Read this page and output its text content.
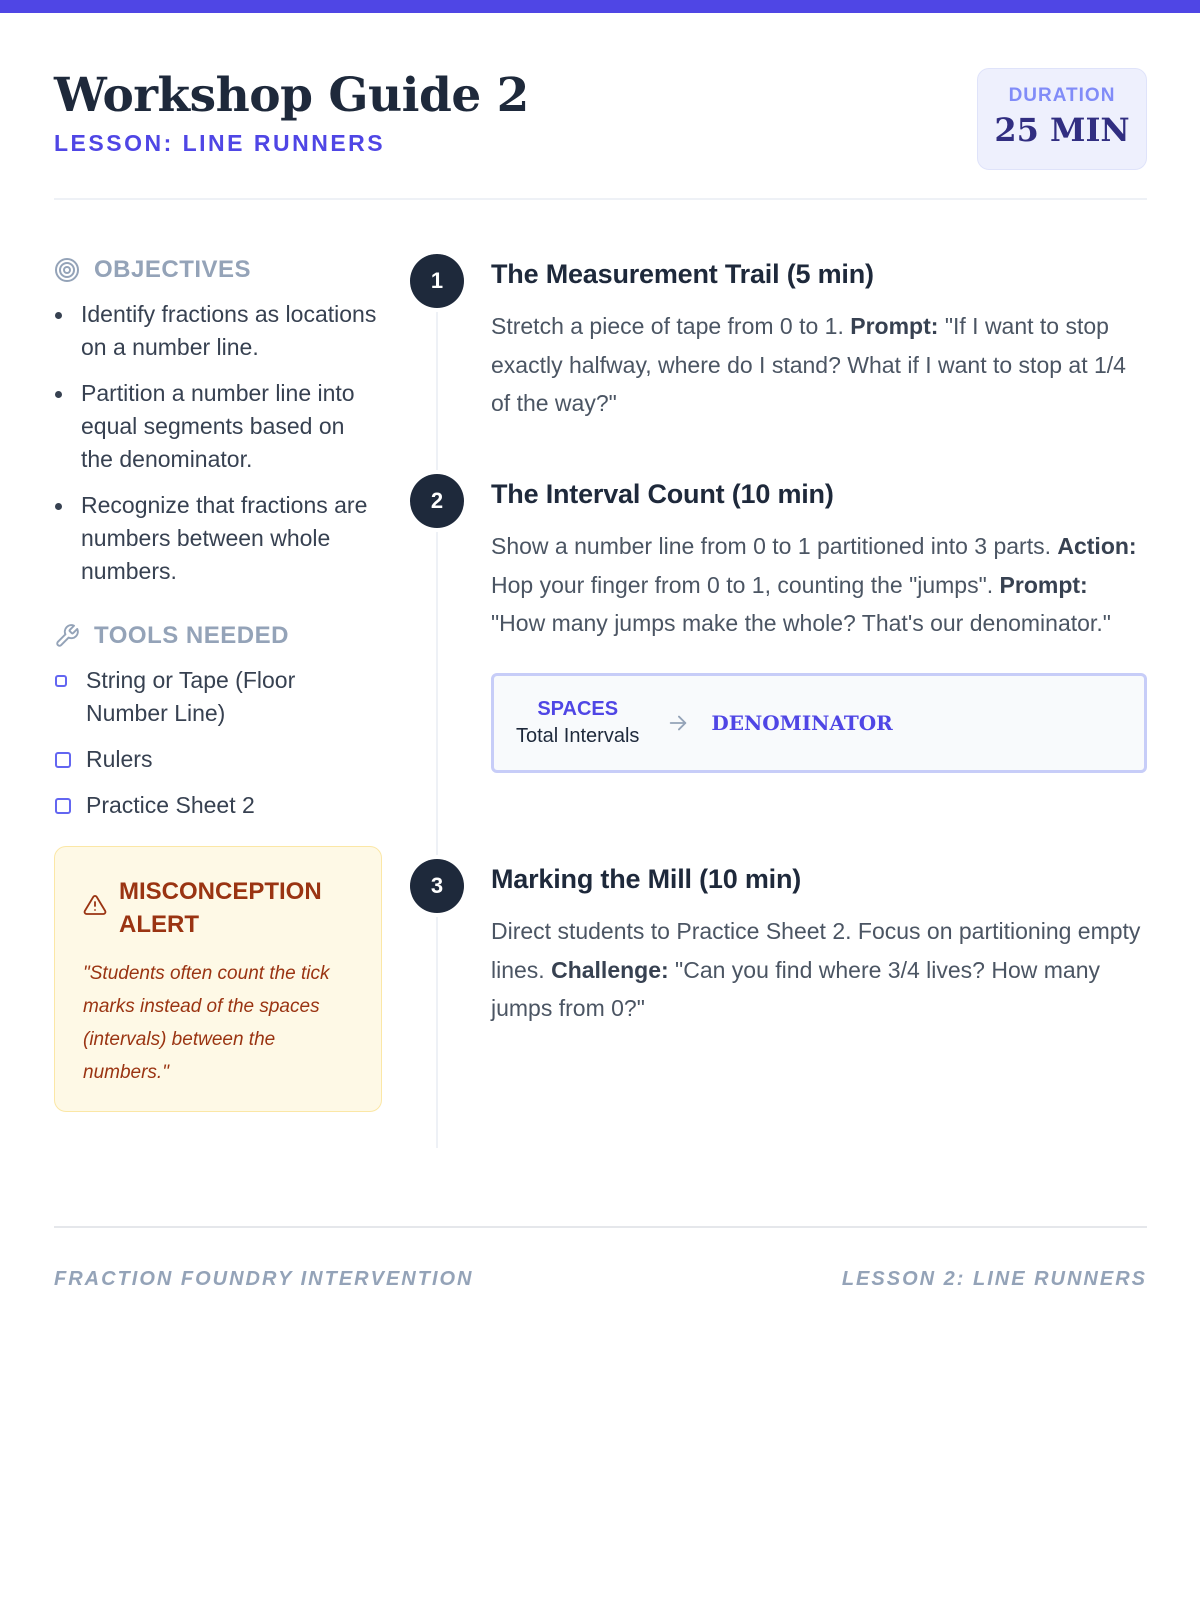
Workshop Guide 2
LESSON: LINE RUNNERS
DURATION
25 MIN
OBJECTIVES
Identify fractions as locations on a number line.
Partition a number line into equal segments based on the denominator.
Recognize that fractions are numbers between whole numbers.
TOOLS NEEDED
String or Tape (Floor Number Line)
Rulers
Practice Sheet 2
MISCONCEPTION ALERT
"Students often count the tick marks instead of the spaces (intervals) between the numbers."
1	The Measurement Trail (5 min)

Stretch a piece of tape from 0 to 1. Prompt: "If I want to stop exactly halfway, where do I stand? What if I want to stop at 1/4 of the way?"

2	The Interval Count (10 min)

Show a number line from 0 to 1 partitioned into 3 parts. Action: Hop your finger from 0 to 1, counting the "jumps". Prompt: "How many jumps make the whole? That's our denominator."

SPACES
Total Intervals
DENOMINATOR
3	Marking the Mill (10 min)

Direct students to Practice Sheet 2. Focus on partitioning empty lines. Challenge: "Can you find where 3/4 lives? How many jumps from 0?"

FRACTION FOUNDRY INTERVENTION	LESSON 2: LINE RUNNERS
